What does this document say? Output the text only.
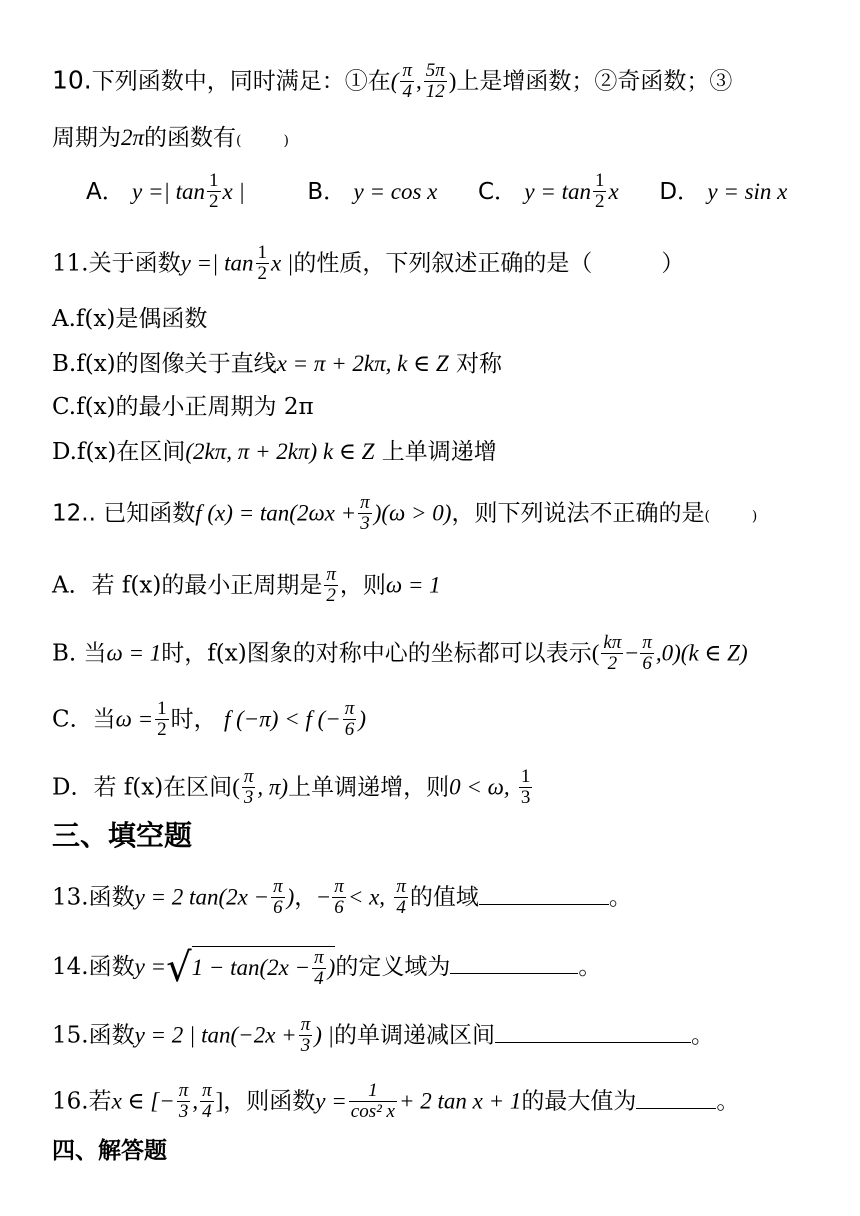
10.下列函数中，同时满足：①在( $\frac{\pi}{4}$ , $\frac{5\pi}{12}$ )上是增函数；②奇函数；③
周期为2π的函数有(　　　)
A． y =| $\tan \frac{1}{2}$ x |	B． y = cos x C． $y = \tan \frac{1}{2}$ x D． y = sin x
11.关于函数y =| $\tan \frac{1}{2}$ x |的性质，下列叙述正确的是（　　　）
A.f(x)是偶函数
B.f(x)的图像关于直线x = π + 2kπ, k ∈ Z 对称
C.f(x)的最小正周期为 2π
D.f(x)在区间(2kπ, π + 2kπ) k ∈ Z 上单调递增
12.. 已知函数f $(x) = \tan(2\omega x + \frac{\pi}{3} )(\omega > 0)$，则下列说法不正确的是(　　　)
A．若 f(x)的最小正周期是 $\frac{\pi}{2}$ ，则ω = 1
B. 当ω = 1时，f(x)图象的对称中心的坐标都可以表示( $\frac{k\pi}{2} - \frac{\pi}{6} ,0)(k$ ∈ Z)
C．当$\omega = \frac{1}{2}$ 时， f (−π) < f (− $\frac{\pi}{6}$ )
D．若 f(x)在区间( $\frac{\pi}{3}$ , π)上单调递增，则0 < ω, $\frac{1}{3}$
三、填空题
13.函数y = 2 $\tan(2x - \frac{\pi}{6}$ )，− $\frac{\pi}{6} < x$, $\frac{\pi}{4}$ 的值域	。
14.函数$y =√1 - \tan(2x - \frac{\pi}{4}$ )的定义域为	。
15.函数y = 2 | $\tan(-2x + \frac{\pi}{3}$ ) |的单调递减区间	。
16.若x ∈ [− $\frac{\pi}{3}$ , $\frac{\pi}{4}$ ]，则函数$y = \frac{1}{\text{cos² x}} + 2$ tan x + 1的最大值为	。
四、解答题
